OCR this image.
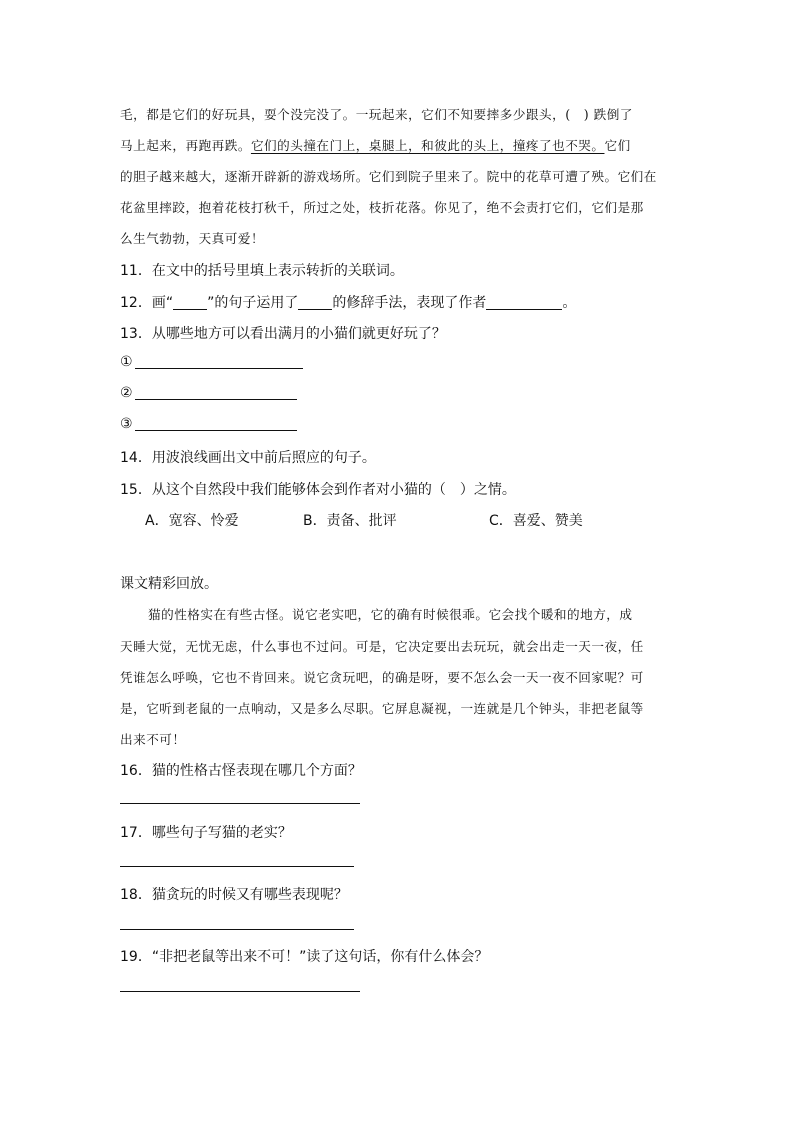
毛，都是它们的好玩具，耍个没完没了。一玩起来，它们不知要摔多少跟头，(　) 跌倒了
马上起来，再跑再跌。它们的头撞在门上，桌腿上，和彼此的头上，撞疼了也不哭。它们
的胆子越来越大，逐渐开辟新的游戏场所。它们到院子里来了。院中的花草可遭了殃。它们在
花盆里摔跤，抱着花枝打秋千，所过之处，枝折花落。你见了，绝不会责打它们，它们是那
么生气勃勃，天真可爱！
11．在文中的括号里填上表示转折的关联词。
12．画“ ”的句子运用了 的修辞手法，表现了作者	。
13．从哪些地方可以看出满月的小猫们就更好玩了？
①
②
③
14．用波浪线画出文中前后照应的句子。
15．从这个自然段中我们能够体会到作者对小猫的（　）之情。
A．宽容、怜爱	B．责备、批评	C．喜爱、赞美
课文精彩回放。
猫的性格实在有些古怪。说它老实吧，它的确有时候很乖。它会找个暖和的地方，成
天睡大觉，无忧无虑，什么事也不过问。可是，它决定要出去玩玩，就会出走一天一夜，任
凭谁怎么呼唤，它也不肯回来。说它贪玩吧，的确是呀，要不怎么会一天一夜不回家呢？可
是，它听到老鼠的一点响动，又是多么尽职。它屏息凝视，一连就是几个钟头，非把老鼠等
出来不可！
16．猫的性格古怪表现在哪几个方面？
17．哪些句子写猫的老实？
18．猫贪玩的时候又有哪些表现呢？
19．“非把老鼠等出来不可！”读了这句话，你有什么体会？
